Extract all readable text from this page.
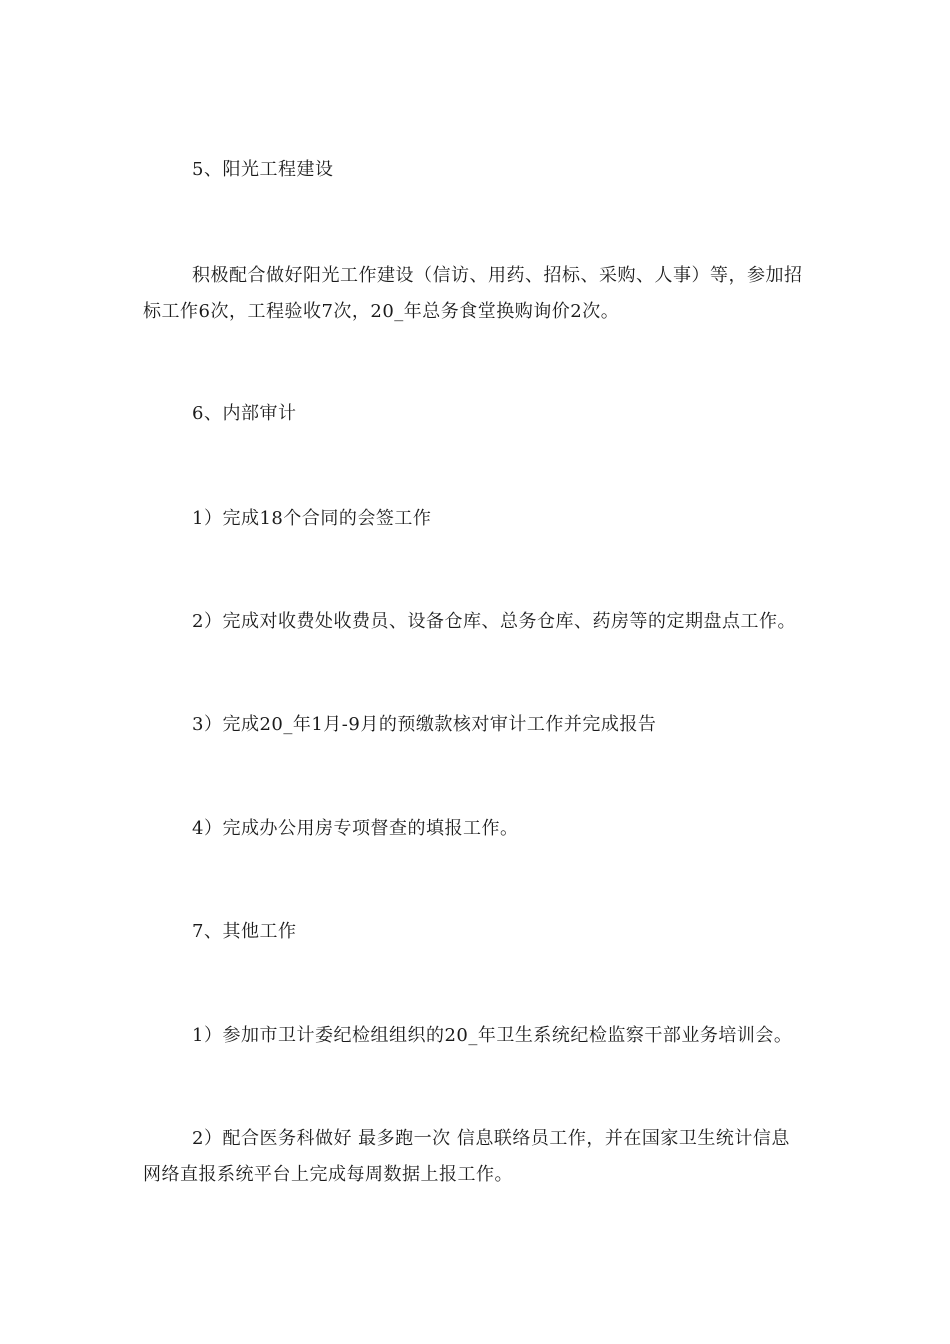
5、阳光工程建设
积极配合做好阳光工作建设（信访、用药、招标、采购、人事）等，参加招标工作6次，工程验收7次，20_年总务食堂换购询价2次。
6、内部审计
1）完成18个合同的会签工作
2）完成对收费处收费员、设备仓库、总务仓库、药房等的定期盘点工作。
3）完成20_年1月-9月的预缴款核对审计工作并完成报告
4）完成办公用房专项督查的填报工作。
7、其他工作
1）参加市卫计委纪检组组织的20_年卫生系统纪检监察干部业务培训会。
2）配合医务科做好 最多跑一次 信息联络员工作，并在国家卫生统计信息网络直报系统平台上完成每周数据上报工作。
